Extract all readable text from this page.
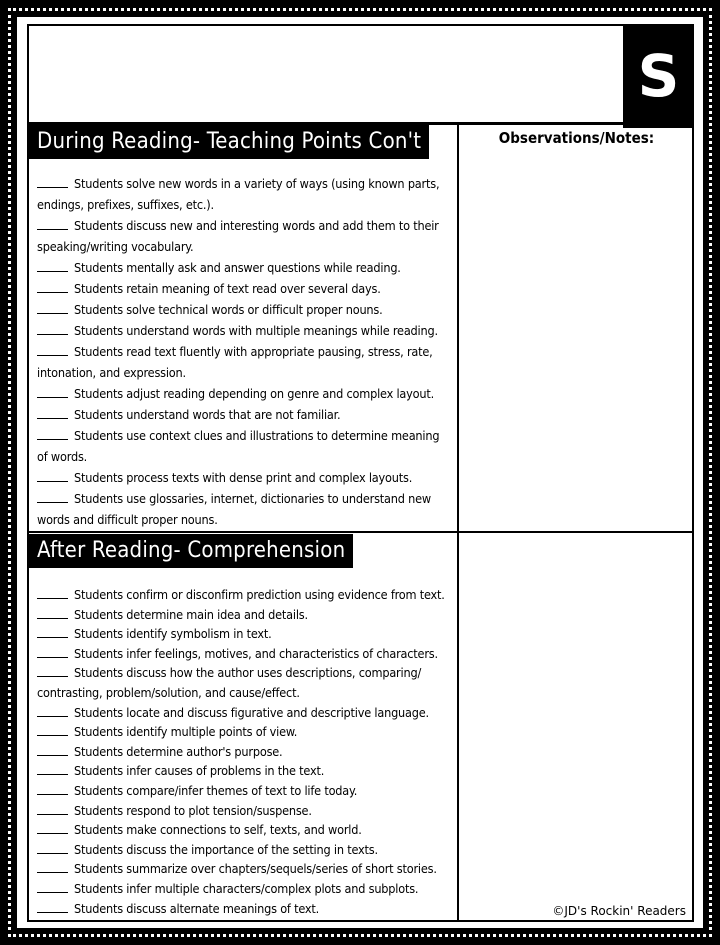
S
During Reading- Teaching Points Con't	Observations/Notes:
Students solve new words in a variety of ways (using known parts, endings, prefixes, suffixes, etc.).
Students discuss new and interesting words and add them to their speaking/writing vocabulary.
Students mentally ask and answer questions while reading.
Students retain meaning of text read over several days.
Students solve technical words or difficult proper nouns.
Students understand words with multiple meanings while reading.
Students read text fluently with appropriate pausing, stress, rate, intonation, and expression.
Students adjust reading depending on genre and complex layout.
Students understand words that are not familiar.
Students use context clues and illustrations to determine meaning of words.
Students process texts with dense print and complex layouts.
Students use glossaries, internet, dictionaries to understand new words and difficult proper nouns.
After Reading- Comprehension
Students confirm or disconfirm prediction using evidence from text.
Students determine main idea and details.
Students identify symbolism in text.
Students infer feelings, motives, and characteristics of characters.
Students discuss how the author uses descriptions, comparing/ contrasting, problem/solution, and cause/effect.
Students locate and discuss figurative and descriptive language.
Students identify multiple points of view.
Students determine author's purpose.
Students infer causes of problems in the text.
Students compare/infer themes of text to life today.
Students respond to plot tension/suspense.
Students make connections to self, texts, and world.
Students discuss the importance of the setting in texts.
Students summarize over chapters/sequels/series of short stories.
Students infer multiple characters/complex plots and subplots.
Students discuss alternate meanings of text.	©JD's Rockin' Readers
